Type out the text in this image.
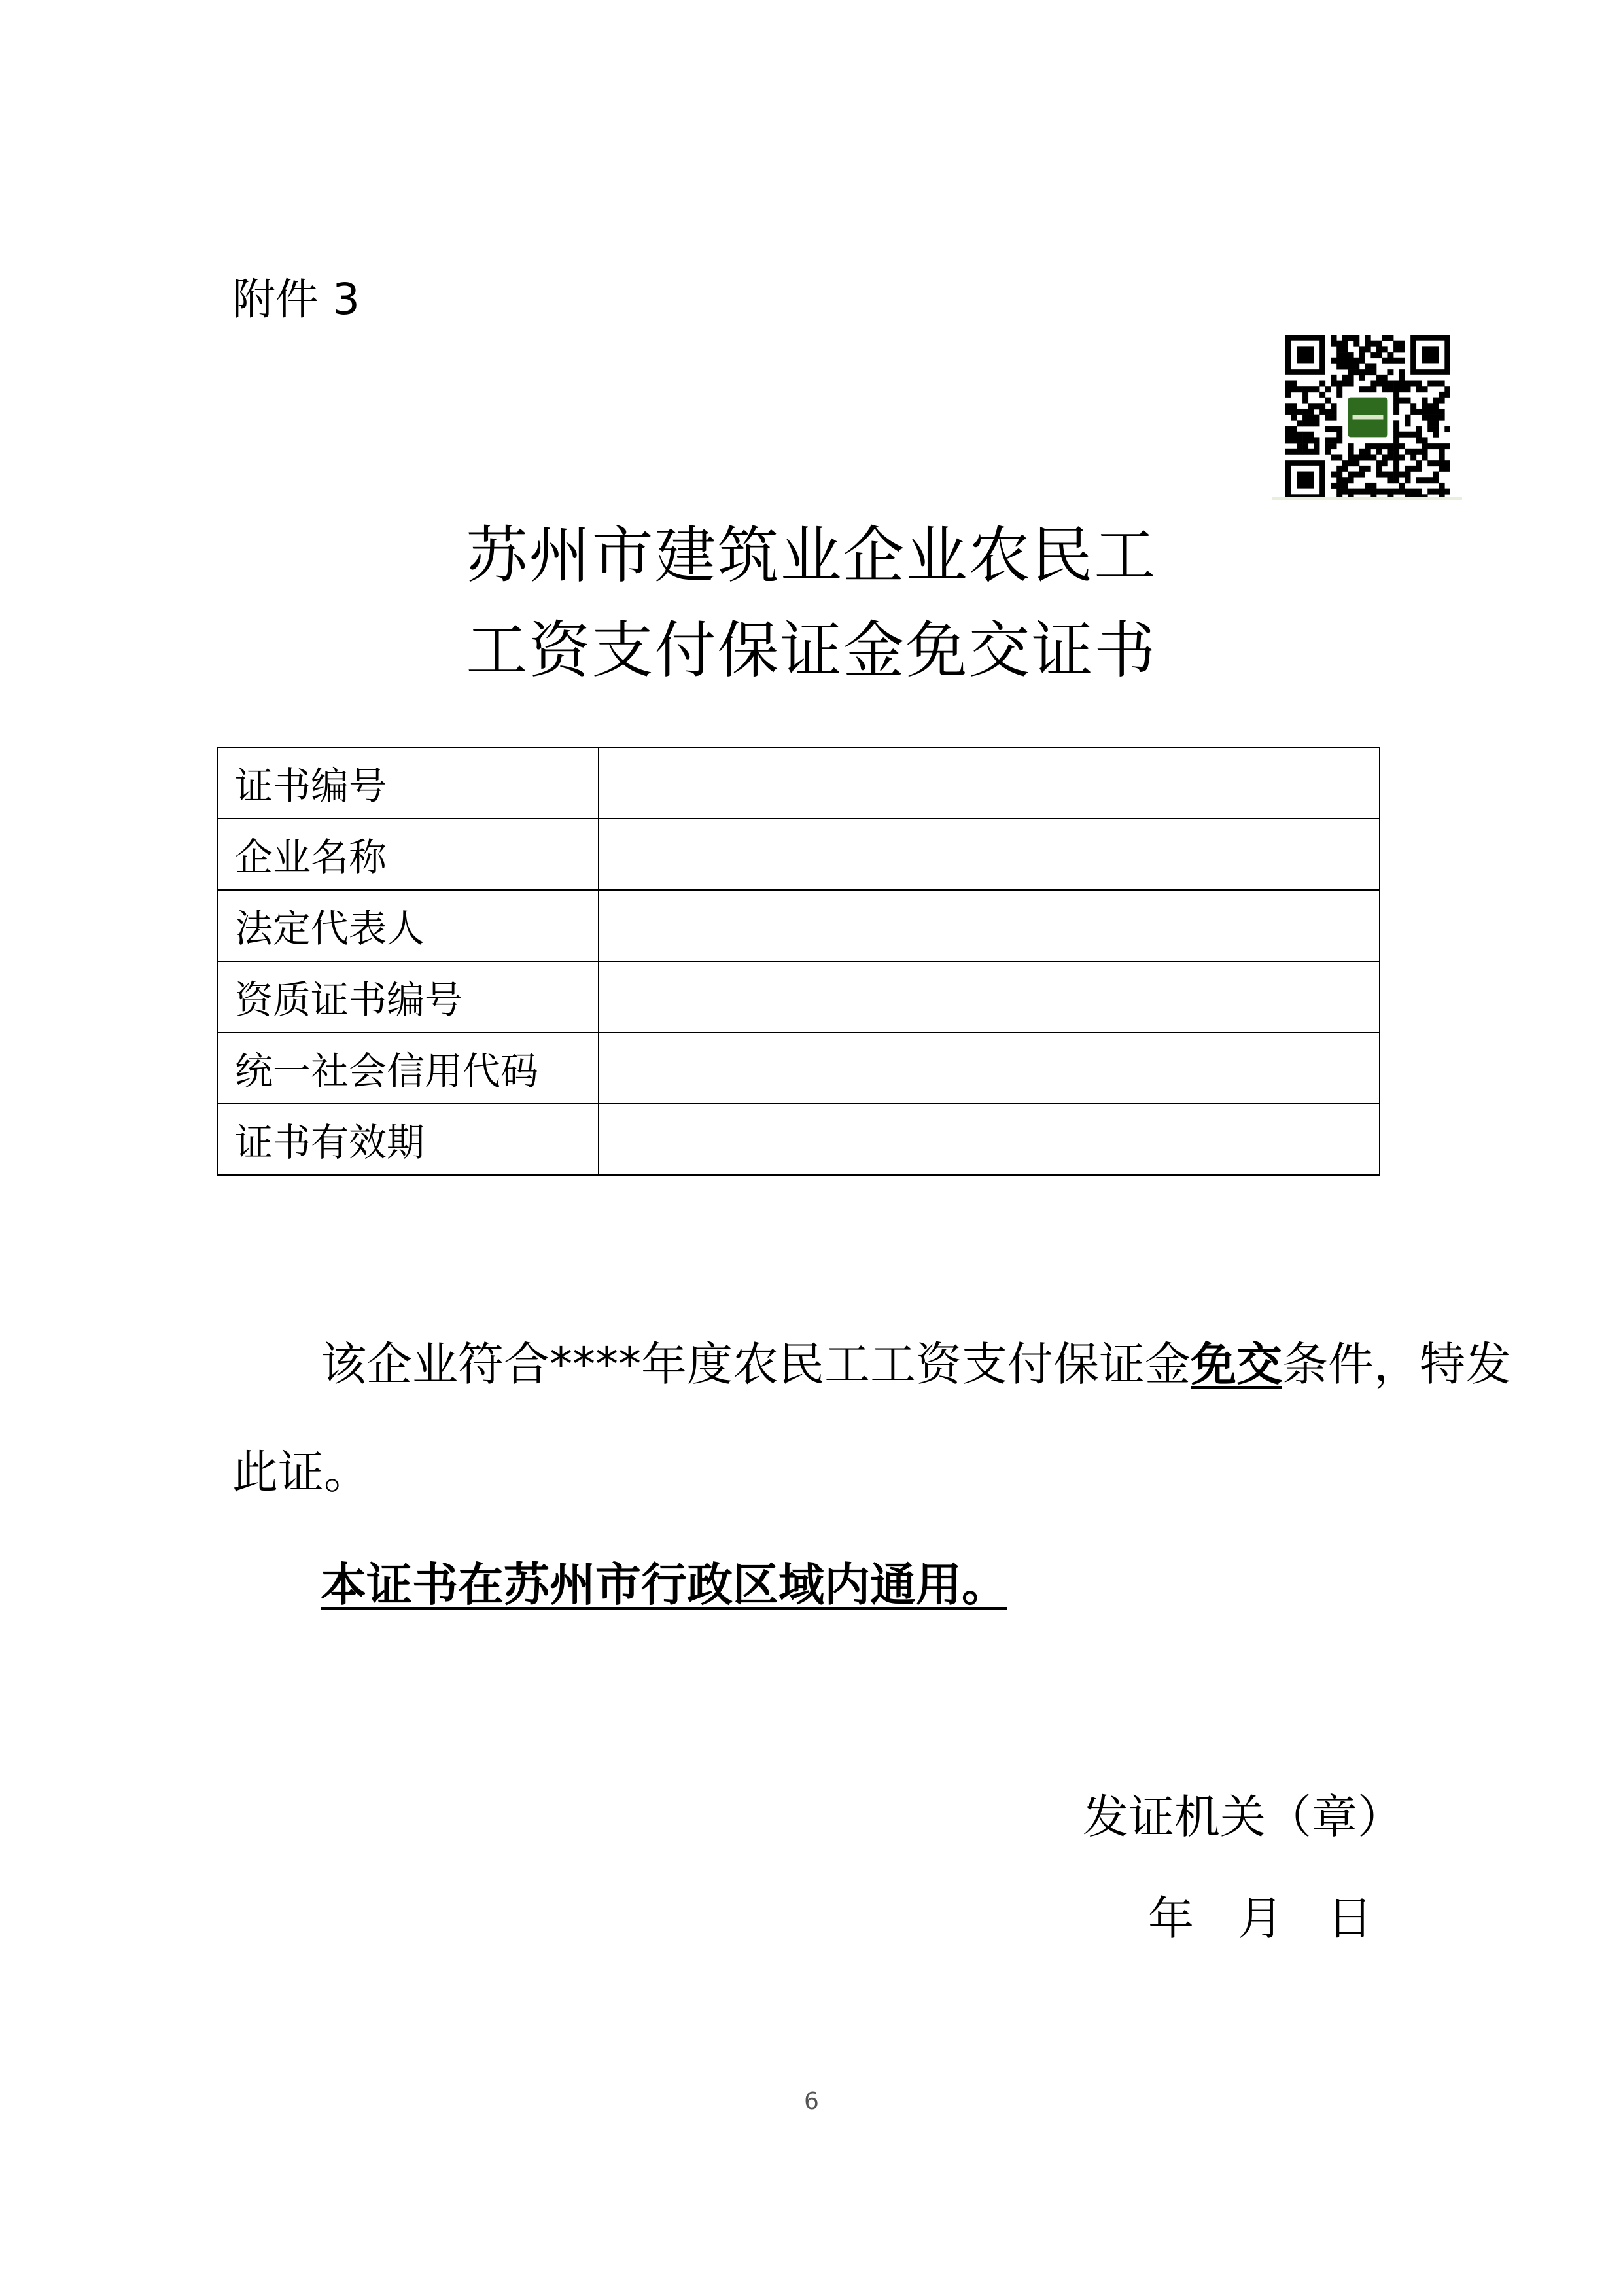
附件 3
苏州市建筑业企业农民工
工资支付保证金免交证书
证书编号	
企业名称	
法定代表人	
资质证书编号	
统一社会信用代码	
证书有效期	
该企业符合****年度农民工工资支付保证金免交条件，特发
此证。
本证书在苏州市行政区域内通用。
发证机关（章）
年   月   日
6
